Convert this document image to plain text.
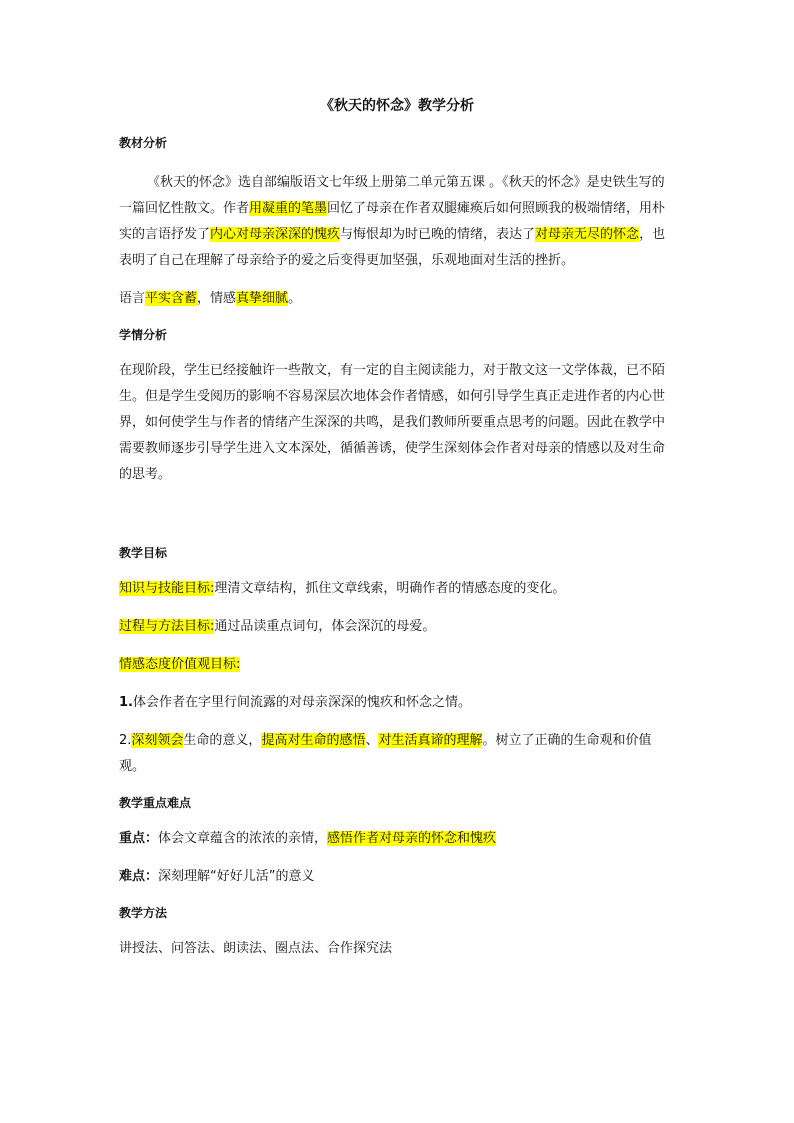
《秋天的怀念》教学分析

教材分析

《秋天的怀念》选自部编版语文七年级上册第二单元第五课 。《秋天的怀念》是史铁生写的一篇回忆性散文。作者用凝重的笔墨回忆了母亲在作者双腿瘫痪后如何照顾我的极端情绪，用朴实的言语抒发了内心对母亲深深的愧疚与悔恨却为时已晚的情绪，表达了对母亲无尽的怀念，也表明了自己在理解了母亲给予的爱之后变得更加坚强，乐观地面对生活的挫折。

语言平实含蓄，情感真挚细腻。

学情分析

在现阶段，学生已经接触许一些散文，有一定的自主阅读能力，对于散文这一文学体裁，已不陌生。但是学生受阅历的影响不容易深层次地体会作者情感，如何引导学生真正走进作者的内心世界，如何使学生与作者的情绪产生深深的共鸣，是我们教师所要重点思考的问题。因此在教学中需要教师逐步引导学生进入文本深处，循循善诱，使学生深刻体会作者对母亲的情感以及对生命的思考。

教学目标

知识与技能目标:理清文章结构，抓住文章线索，明确作者的情感态度的变化。

过程与方法目标:通过品读重点词句，体会深沉的母爱。

情感态度价值观目标:

1.体会作者在字里行间流露的对母亲深深的愧疚和怀念之情。

2.深刻领会生命的意义，提高对生命的感悟、对生活真谛的理解。树立了正确的生命观和价值观。

教学重点难点

重点：体会文章蕴含的浓浓的亲情，感悟作者对母亲的怀念和愧疚

难点：深刻理解“好好儿活”的意义

教学方法

讲授法、问答法、朗读法、圈点法、合作探究法
